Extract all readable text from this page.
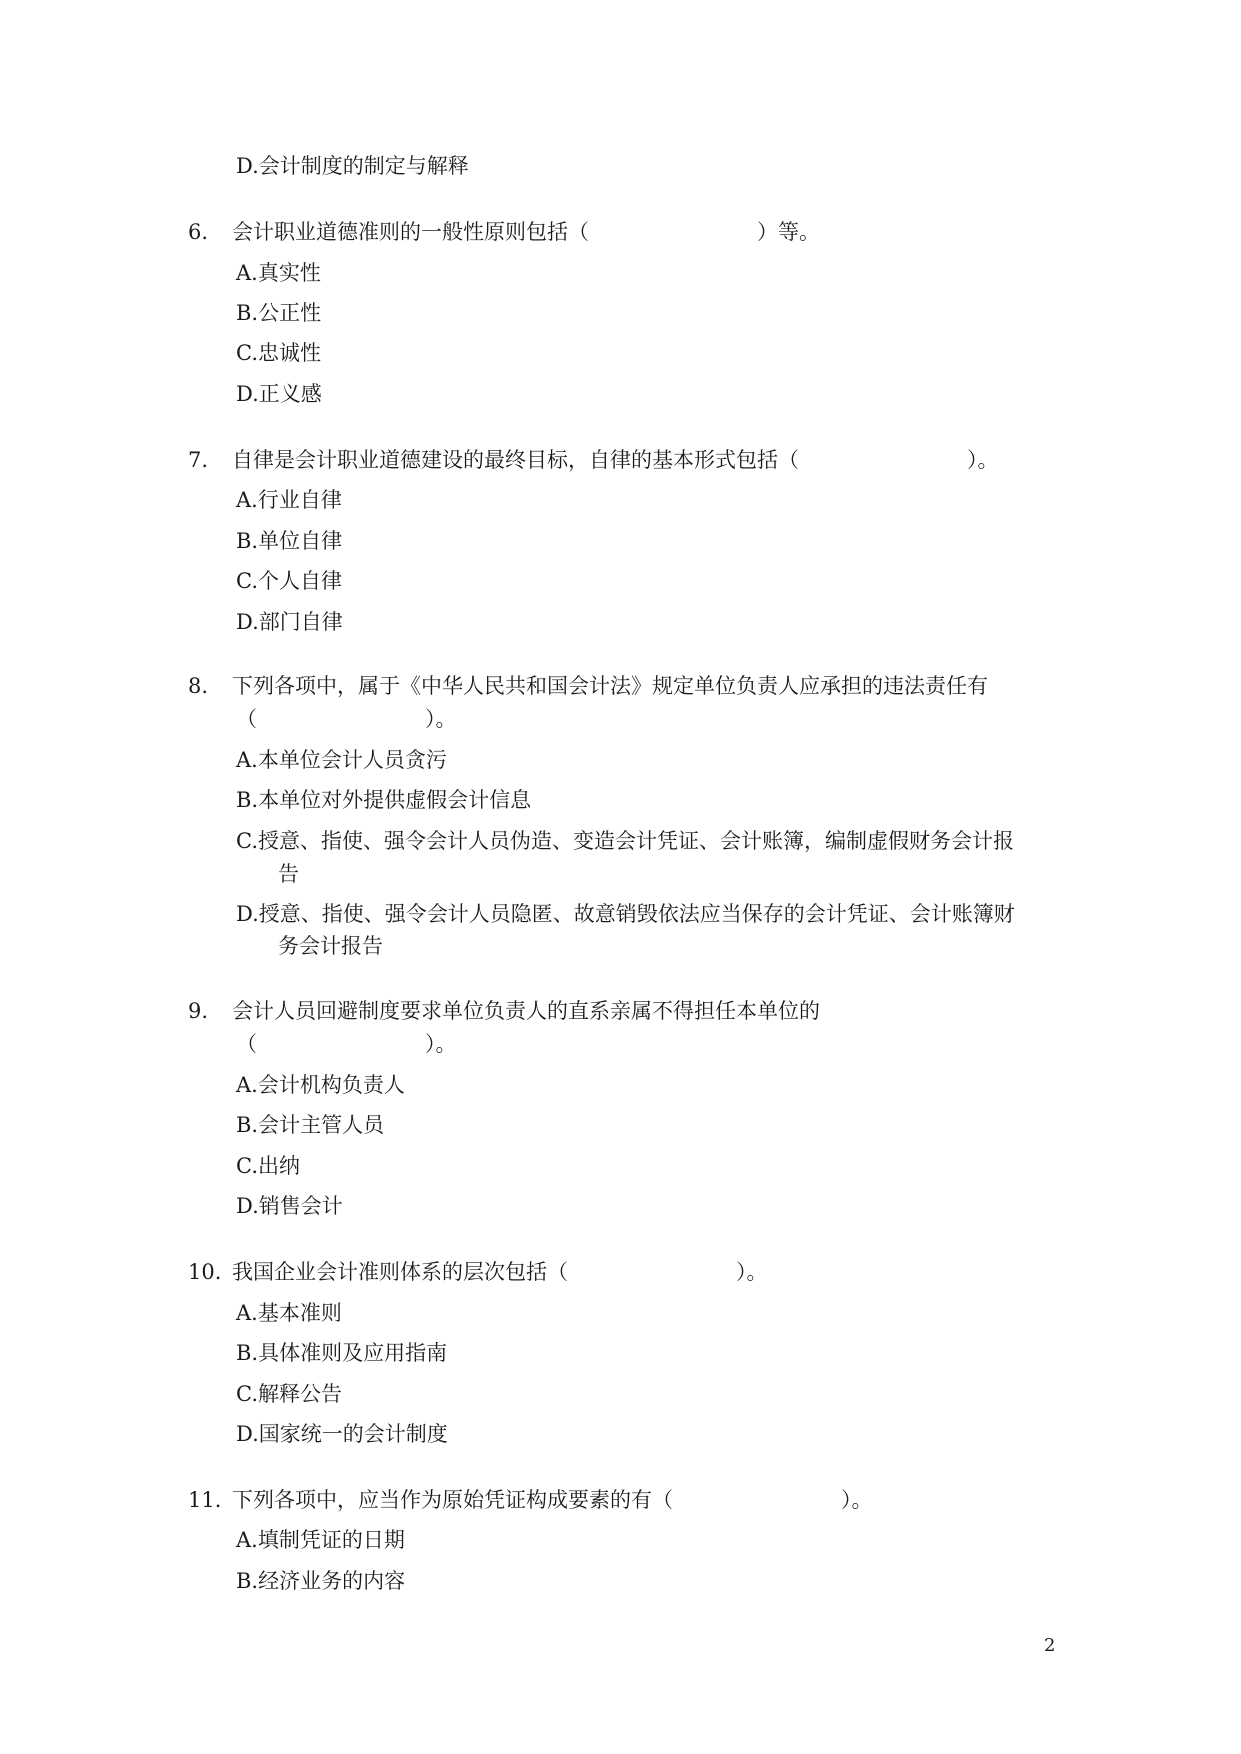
D.会计制度的制定与解释
6. 会计职业道德准则的一般性原则包括（　　　　　　　　）等。
A.真实性
B.公正性
C.忠诚性
D.正义感
7. 自律是会计职业道德建设的最终目标，自律的基本形式包括（　　　　　　　　）。
A.行业自律
B.单位自律
C.个人自律
D.部门自律
8. 下列各项中，属于《中华人民共和国会计法》规定单位负责人应承担的违法责任有
（　　　　　　　　）。
A.本单位会计人员贪污
B.本单位对外提供虚假会计信息
C.授意、指使、强令会计人员伪造、变造会计凭证、会计账簿，编制虚假财务会计报
告
D.授意、指使、强令会计人员隐匿、故意销毁依法应当保存的会计凭证、会计账簿财
务会计报告
9. 会计人员回避制度要求单位负责人的直系亲属不得担任本单位的
（　　　　　　　　）。
A.会计机构负责人
B.会计主管人员
C.出纳
D.销售会计
10. 我国企业会计准则体系的层次包括（　　　　　　　　）。
A.基本准则
B.具体准则及应用指南
C.解释公告
D.国家统一的会计制度
11. 下列各项中，应当作为原始凭证构成要素的有（　　　　　　　　）。
A.填制凭证的日期
B.经济业务的内容
2
